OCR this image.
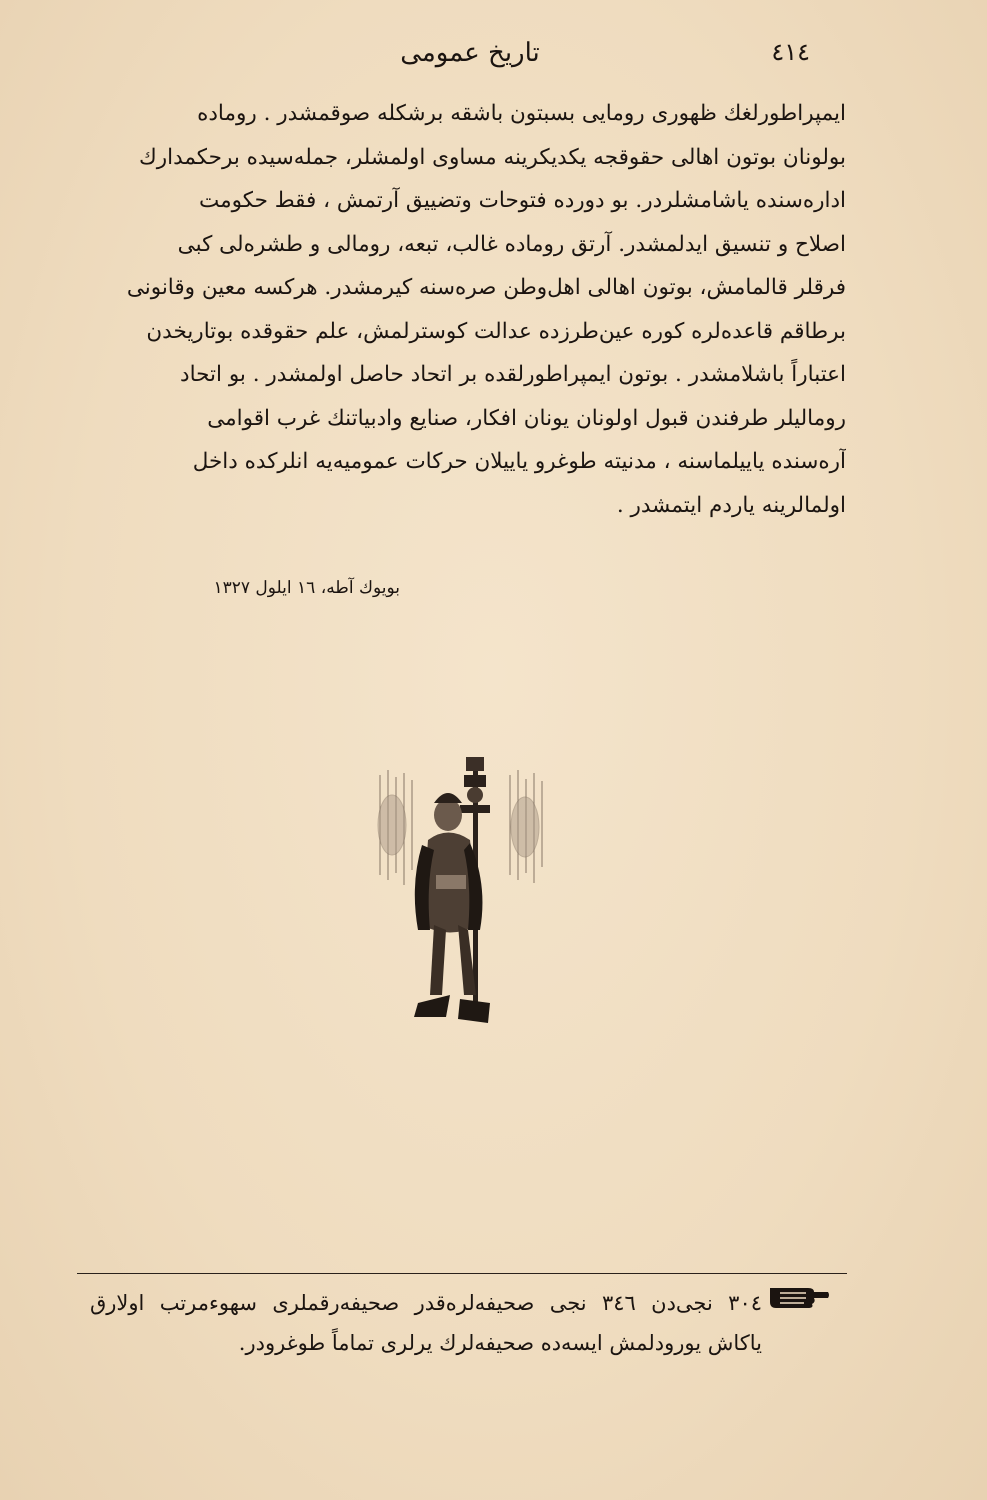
تاریخ عمومی	٤١٤
ایمپراطورلغك ظهوری رومایی بسبتون باشقه برشكله صوقمشدر . روماده
بولونان بوتون اهالی حقوقجه یکدیکرینه مساوی اولمشلر، جمله‌سیده برحکمدارك
اداره‌سنده یاشامشلردر. بو دورده فتوحات وتضییق آرتمش ، فقط حکومت
اصلاح و تنسیق ایدلمشدر. آرتق روماده غالب، تبعه، رومالی و طشره‌لی کبی
فرقلر قالمامش، بوتون اهالی اهل‌وطن صره‌سنه کیرمشدر. هرکسه معین وقانونی
برطاقم قاعده‌لره کوره عین‌طرزده عدالت کوسترلمش، علم حقوقده بوتاریخدن
اعتباراً باشلامشدر . بوتون ایمپراطورلقده بر اتحاد حاصل اولمشدر . بو اتحاد
رومالیلر طرفندن قبول اولونان یونان افکار، صنایع وادبیاتنك غرب اقوامی
آره‌سنده یاییلماسنه ، مدنیته طوغرو یاییلان حرکات عمومیه‌یه انلرکده داخل
اولمالرینه یاردم ایتمشدر .
بویوك آطه، ١٦ ایلول ١٣٢٧
٣٠٤ نجی‌دن ٣٤٦ نجی صحیفه‌لره‌قدر صحیفه‌رقملری سهوءمرتب اولارق
یاکاش یورودلمش ایسه‌ده صحیفه‌لرك یرلری تماماً طوغرودر.
